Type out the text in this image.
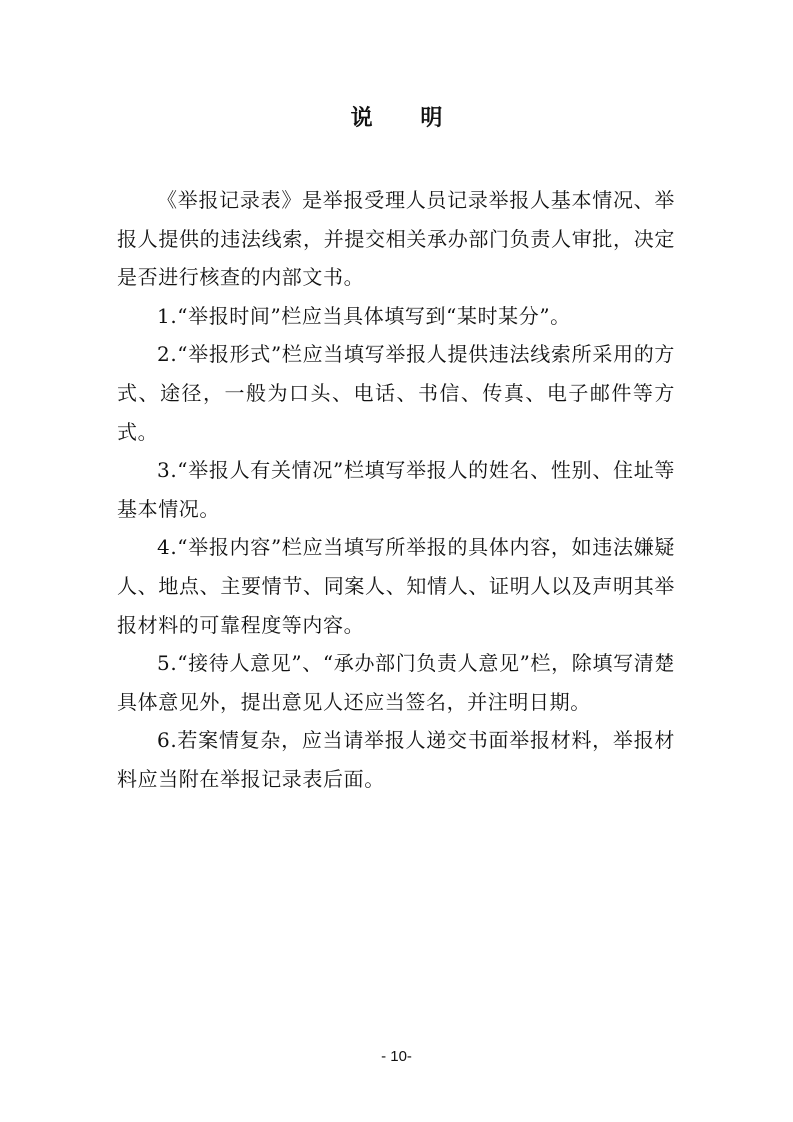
说 明

《举报记录表》是举报受理人员记录举报人基本情况、举报人提供的违法线索，并提交相关承办部门负责人审批，决定是否进行核查的内部文书。

1.“举报时间”栏应当具体填写到“某时某分”。

2.“举报形式”栏应当填写举报人提供违法线索所采用的方式、途径，一般为口头、电话、书信、传真、电子邮件等方式。

3.“举报人有关情况”栏填写举报人的姓名、性别、住址等基本情况。

4.“举报内容”栏应当填写所举报的具体内容，如违法嫌疑人、地点、主要情节、同案人、知情人、证明人以及声明其举报材料的可靠程度等内容。

5.“接待人意见”、“承办部门负责人意见”栏，除填写清楚具体意见外，提出意见人还应当签名，并注明日期。

6.若案情复杂，应当请举报人递交书面举报材料，举报材料应当附在举报记录表后面。

- 10-
